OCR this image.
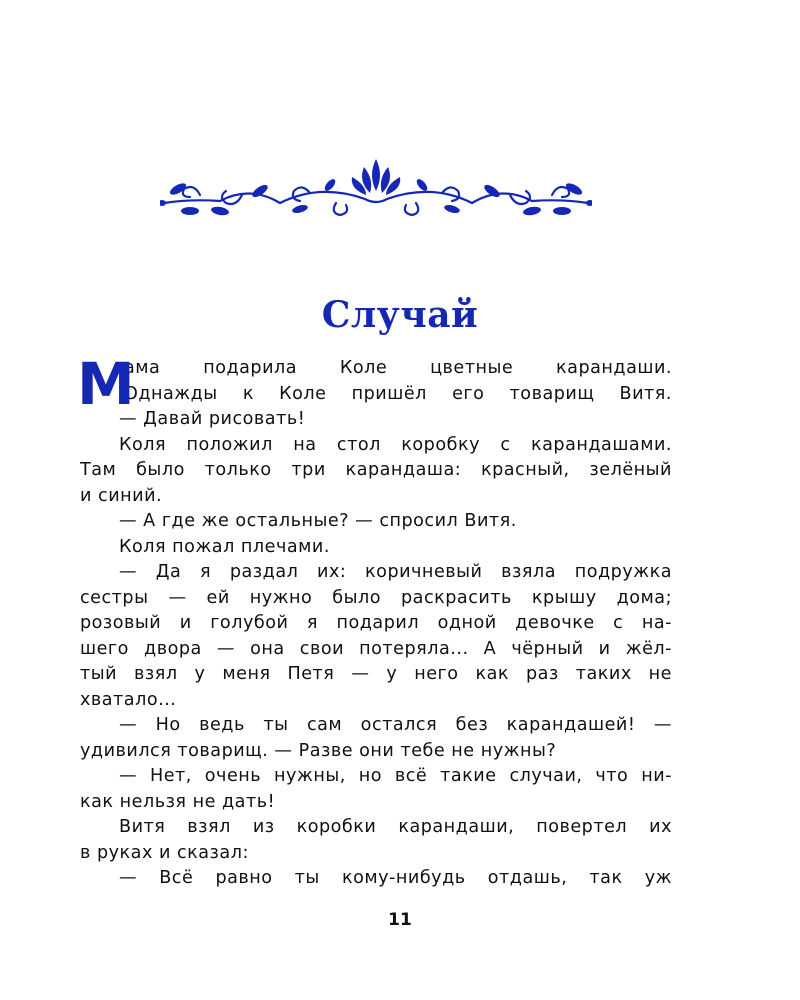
Случай
М
ама подарила Коле цветные карандаши.
Однажды к Коле пришёл его товарищ Витя.
— Давай рисовать!
Коля положил на стол коробку с карандашами.
Там было только три карандаша: красный, зелёный
и синий.
— А где же остальные? — спросил Витя.
Коля пожал плечами.
— Да я раздал их: коричневый взяла подружка
сестры — ей нужно было раскрасить крышу дома;
розовый и голубой я подарил одной девочке с на-
шего двора — она свои потеряла... А чёрный и жёл-
тый взял у меня Петя — у него как раз таких не
хватало...
— Но ведь ты сам остался без карандашей! —
удивился товарищ. — Разве они тебе не нужны?
— Нет, очень нужны, но всё такие случаи, что ни-
как нельзя не дать!
Витя взял из коробки карандаши, повертел их
в руках и сказал:
— Всё равно ты кому-нибудь отдашь, так уж
11
